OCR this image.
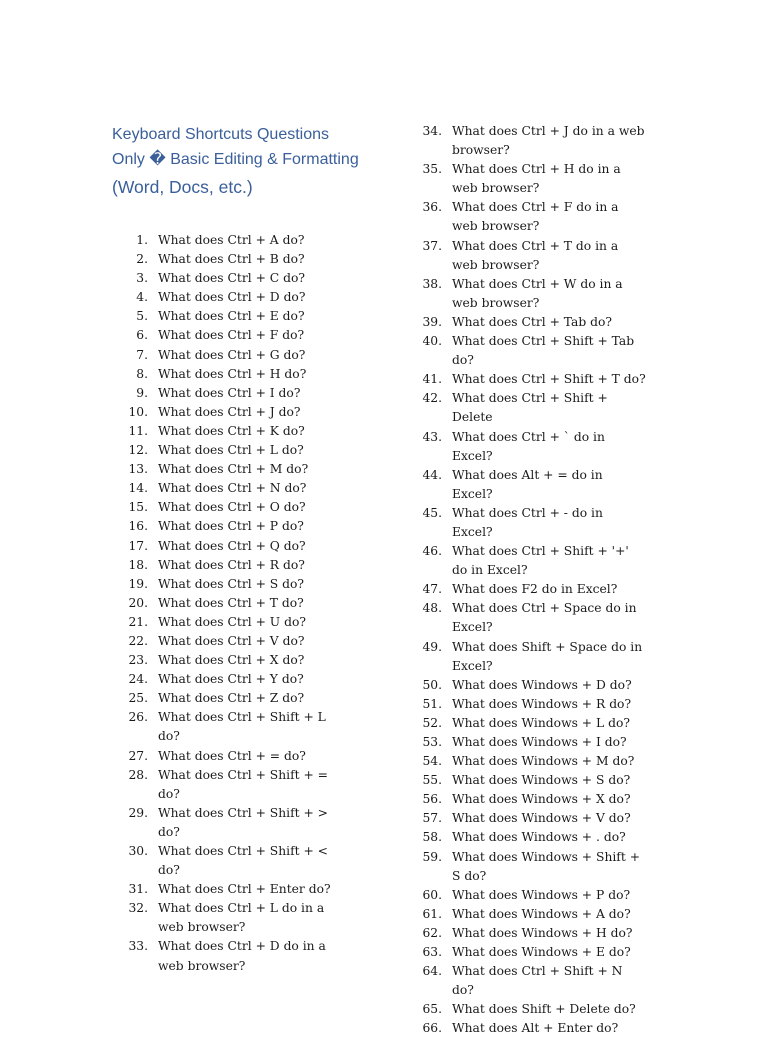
Keyboard Shortcuts Questions
Only � Basic Editing & Formatting
(Word, Docs, etc.)
1. What does Ctrl + A do?
2. What does Ctrl + B do?
3. What does Ctrl + C do?
4. What does Ctrl + D do?
5. What does Ctrl + E do?
6. What does Ctrl + F do?
7. What does Ctrl + G do?
8. What does Ctrl + H do?
9. What does Ctrl + I do?
10. What does Ctrl + J do?
11. What does Ctrl + K do?
12. What does Ctrl + L do?
13. What does Ctrl + M do?
14. What does Ctrl + N do?
15. What does Ctrl + O do?
16. What does Ctrl + P do?
17. What does Ctrl + Q do?
18. What does Ctrl + R do?
19. What does Ctrl + S do?
20. What does Ctrl + T do?
21. What does Ctrl + U do?
22. What does Ctrl + V do?
23. What does Ctrl + X do?
24. What does Ctrl + Y do?
25. What does Ctrl + Z do?
26. What does Ctrl + Shift + L do?
27. What does Ctrl + = do?
28. What does Ctrl + Shift + = do?
29. What does Ctrl + Shift + > do?
30. What does Ctrl + Shift + < do?
31. What does Ctrl + Enter do?
32. What does Ctrl + L do in a web browser?
33. What does Ctrl + D do in a web browser?
34. What does Ctrl + J do in a web browser?
35. What does Ctrl + H do in a web browser?
36. What does Ctrl + F do in a web browser?
37. What does Ctrl + T do in a web browser?
38. What does Ctrl + W do in a web browser?
39. What does Ctrl + Tab do?
40. What does Ctrl + Shift + Tab do?
41. What does Ctrl + Shift + T do?
42. What does Ctrl + Shift + Delete
43. What does Ctrl + ` do in Excel?
44. What does Alt + = do in Excel?
45. What does Ctrl + - do in Excel?
46. What does Ctrl + Shift + '+' do in Excel?
47. What does F2 do in Excel?
48. What does Ctrl + Space do in Excel?
49. What does Shift + Space do in Excel?
50. What does Windows + D do?
51. What does Windows + R do?
52. What does Windows + L do?
53. What does Windows + I do?
54. What does Windows + M do?
55. What does Windows + S do?
56. What does Windows + X do?
57. What does Windows + V do?
58. What does Windows + . do?
59. What does Windows + Shift + S do?
60. What does Windows + P do?
61. What does Windows + A do?
62. What does Windows + H do?
63. What does Windows + E do?
64. What does Ctrl + Shift + N do?
65. What does Shift + Delete do?
66. What does Alt + Enter do?
